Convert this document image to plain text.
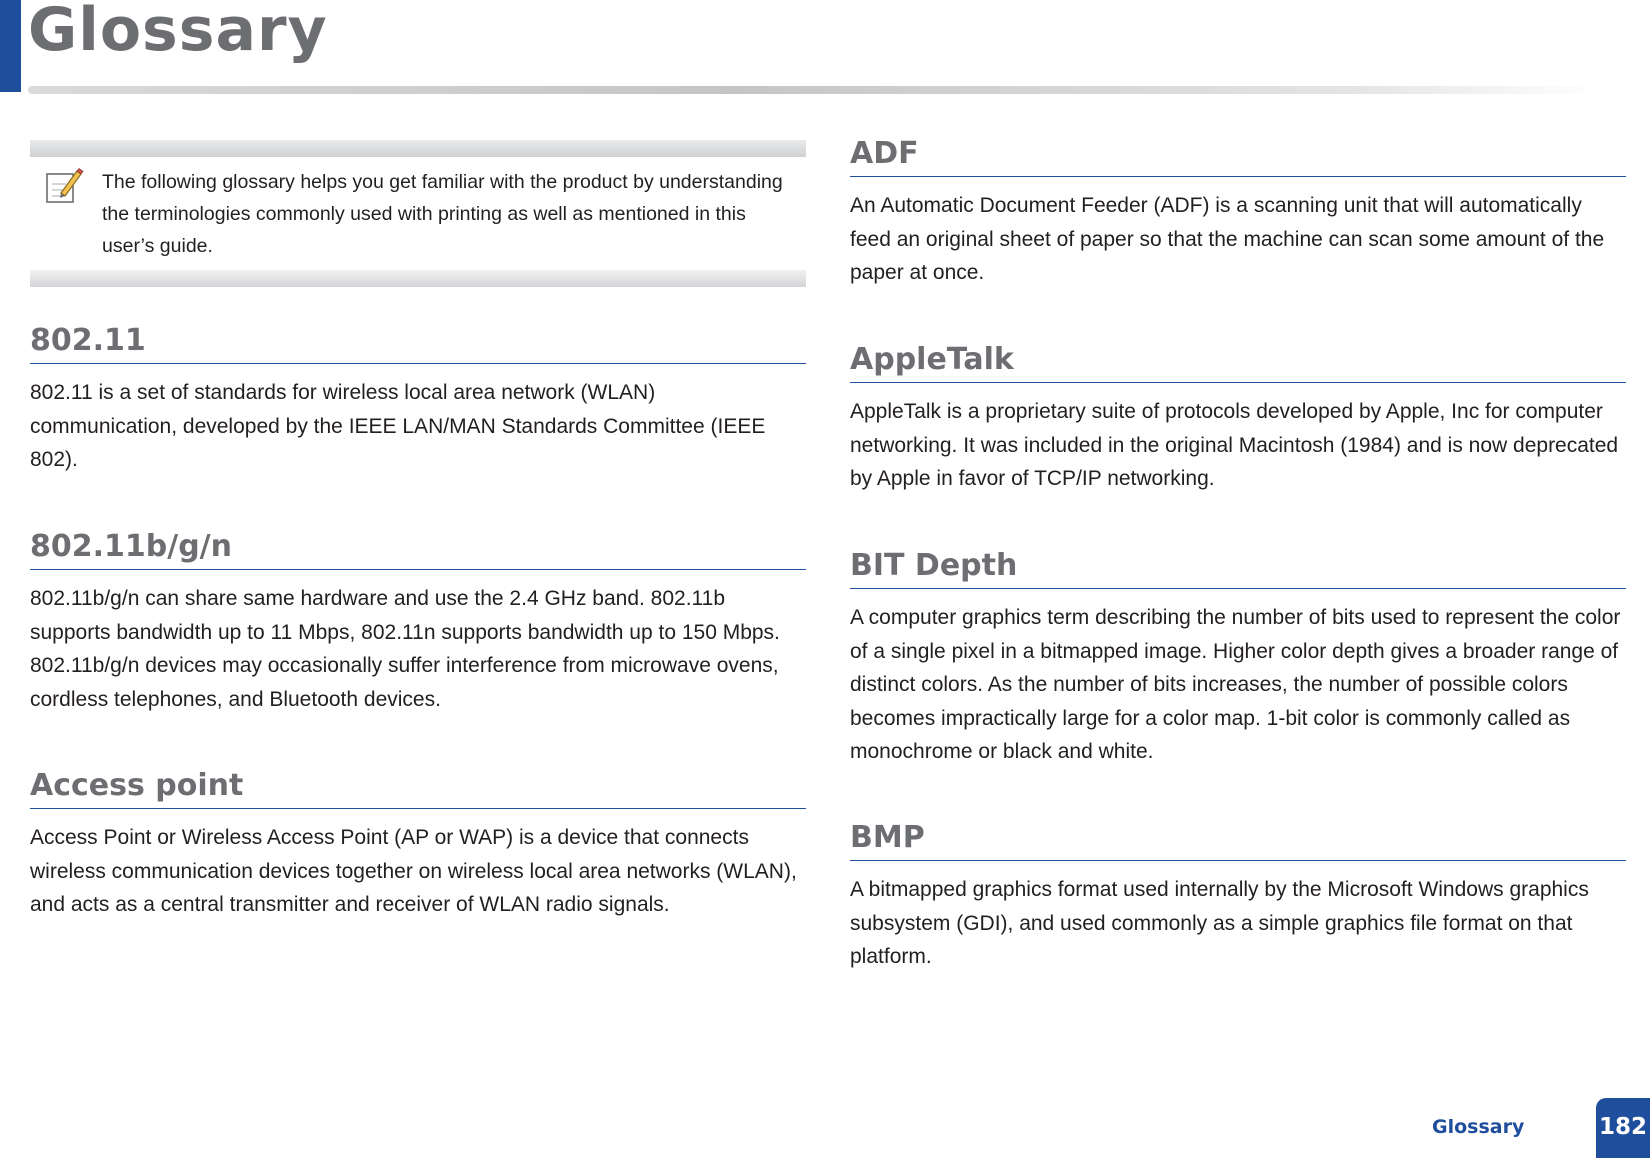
Glossary

The following glossary helps you get familiar with the product by understanding the terminologies commonly used with printing as well as mentioned in this user’s guide.

802.11

802.11 is a set of standards for wireless local area network (WLAN) communication, developed by the IEEE LAN/MAN Standards Committee (IEEE 802).

802.11b/g/n

802.11b/g/n can share same hardware and use the 2.4 GHz band. 802.11b supports bandwidth up to 11 Mbps, 802.11n supports bandwidth up to 150 Mbps. 802.11b/g/n devices may occasionally suffer interference from microwave ovens, cordless telephones, and Bluetooth devices.

Access point

Access Point or Wireless Access Point (AP or WAP) is a device that connects wireless communication devices together on wireless local area networks (WLAN), and acts as a central transmitter and receiver of WLAN radio signals.

ADF

An Automatic Document Feeder (ADF) is a scanning unit that will automatically feed an original sheet of paper so that the machine can scan some amount of the paper at once.

AppleTalk

AppleTalk is a proprietary suite of protocols developed by Apple, Inc for computer networking. It was included in the original Macintosh (1984) and is now deprecated by Apple in favor of TCP/IP networking.

BIT Depth

A computer graphics term describing the number of bits used to represent the color of a single pixel in a bitmapped image. Higher color depth gives a broader range of distinct colors. As the number of bits increases, the number of possible colors becomes impractically large for a color map. 1-bit color is commonly called as monochrome or black and white.

BMP

A bitmapped graphics format used internally by the Microsoft Windows graphics subsystem (GDI), and used commonly as a simple graphics file format on that platform.

Glossary	182
